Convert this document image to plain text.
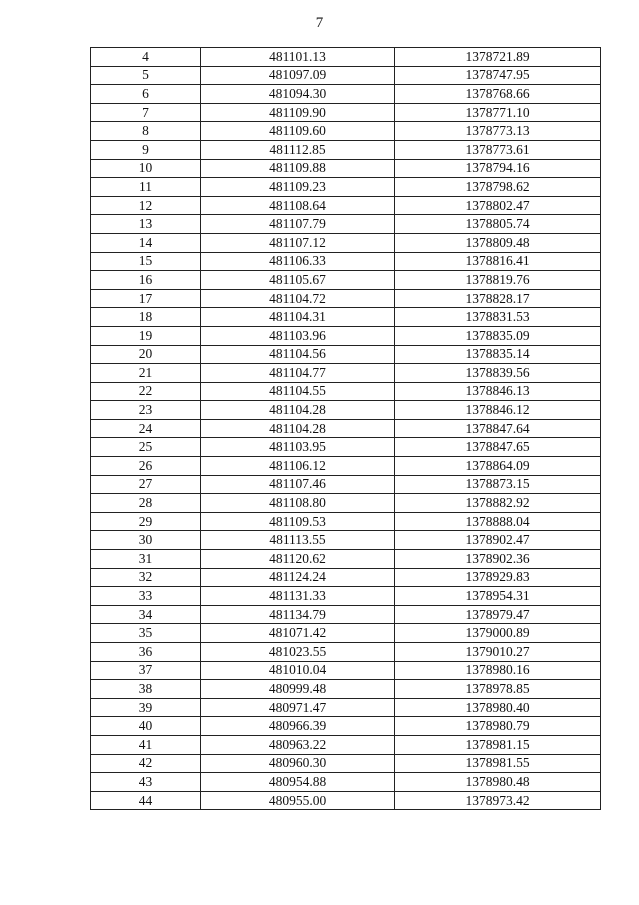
7
4	481101.13	1378721.89
5	481097.09	1378747.95
6	481094.30	1378768.66
7	481109.90	1378771.10
8	481109.60	1378773.13
9	481112.85	1378773.61
10	481109.88	1378794.16
11	481109.23	1378798.62
12	481108.64	1378802.47
13	481107.79	1378805.74
14	481107.12	1378809.48
15	481106.33	1378816.41
16	481105.67	1378819.76
17	481104.72	1378828.17
18	481104.31	1378831.53
19	481103.96	1378835.09
20	481104.56	1378835.14
21	481104.77	1378839.56
22	481104.55	1378846.13
23	481104.28	1378846.12
24	481104.28	1378847.64
25	481103.95	1378847.65
26	481106.12	1378864.09
27	481107.46	1378873.15
28	481108.80	1378882.92
29	481109.53	1378888.04
30	481113.55	1378902.47
31	481120.62	1378902.36
32	481124.24	1378929.83
33	481131.33	1378954.31
34	481134.79	1378979.47
35	481071.42	1379000.89
36	481023.55	1379010.27
37	481010.04	1378980.16
38	480999.48	1378978.85
39	480971.47	1378980.40
40	480966.39	1378980.79
41	480963.22	1378981.15
42	480960.30	1378981.55
43	480954.88	1378980.48
44	480955.00	1378973.42
